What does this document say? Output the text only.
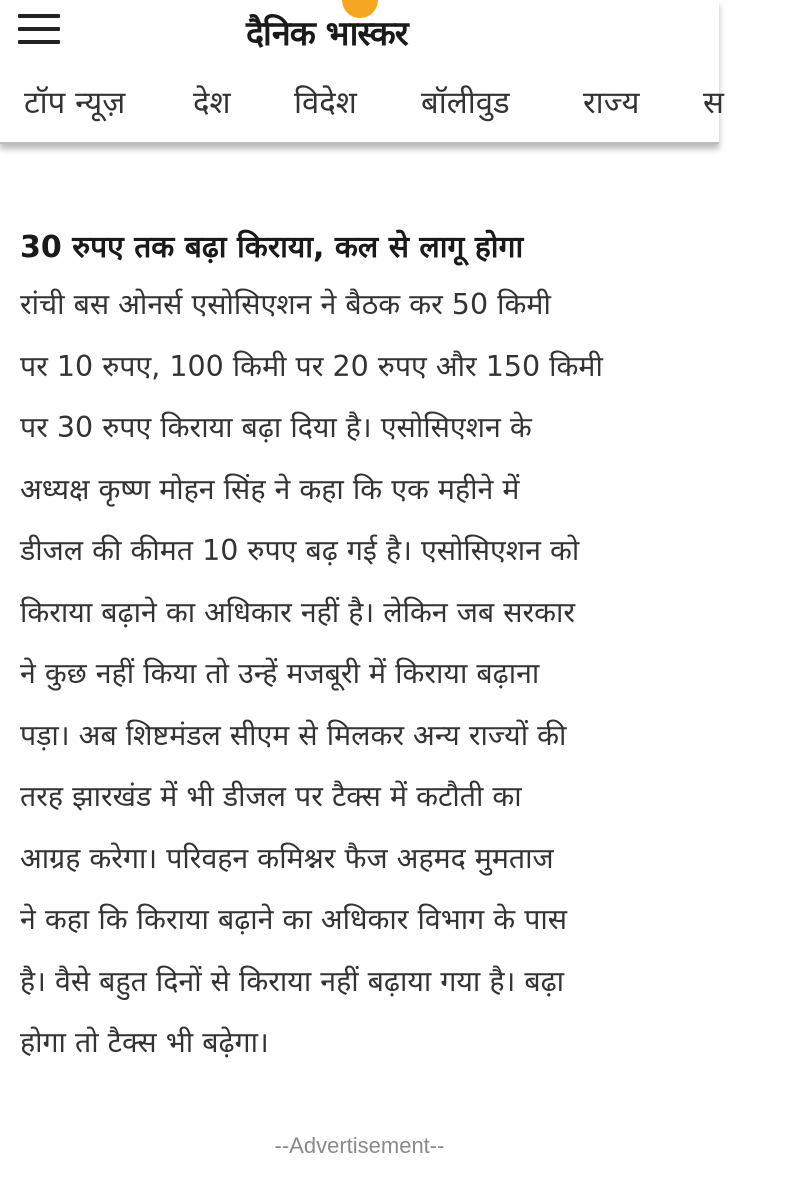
दैनिक भास्कर
टॉप न्यूज़ देश विदेश बॉलीवुड राज्य स
30 रुपए तक बढ़ा किराया, कल से लागू होगा

रांची बस ओनर्स एसोसिएशन ने बैठक कर 50 किमी
पर 10 रुपए, 100 किमी पर 20 रुपए और 150 किमी
पर 30 रुपए किराया बढ़ा दिया है। एसोसिएशन के
अध्यक्ष कृष्ण मोहन सिंह ने कहा कि एक महीने में
डीजल की कीमत 10 रुपए बढ़ गई है। एसोसिएशन को
किराया बढ़ाने का अधिकार नहीं है। लेकिन जब सरकार
ने कुछ नहीं किया तो उन्हें मजबूरी में किराया बढ़ाना
पड़ा। अब शिष्टमंडल सीएम से मिलकर अन्य राज्यों की
तरह झारखंड में भी डीजल पर टैक्स में कटौती का
आग्रह करेगा। परिवहन कमिश्नर फैज अहमद मुमताज
ने कहा कि किराया बढ़ाने का अधिकार विभाग के पास
है। वैसे बहुत दिनों से किराया नहीं बढ़ाया गया है। बढ़ा
होगा तो टैक्स भी बढ़ेगा।

--Advertisement--
